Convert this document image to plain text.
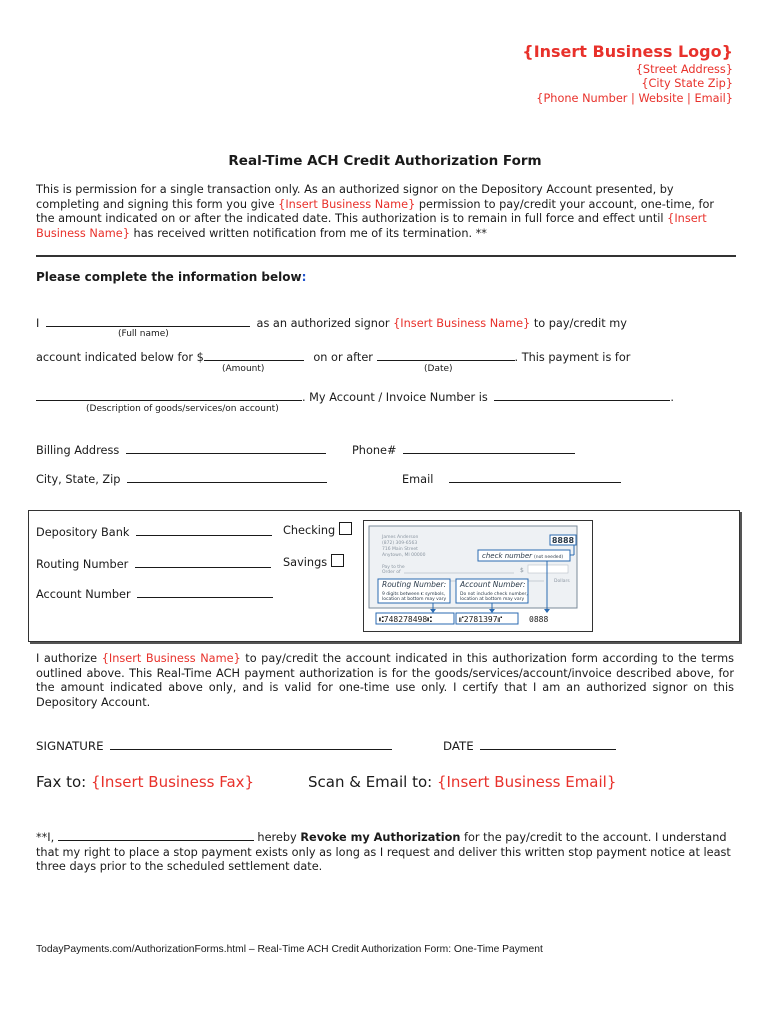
{Insert Business Logo}
{Street Address}
{City State Zip}
{Phone Number | Website | Email}
Real-Time ACH Credit Authorization Form
This is permission for a single transaction only. As an authorized signor on the Depository Account presented, by completing and signing this form you give {Insert Business Name} permission to pay/credit your account, one-time, for the amount indicated on or after the indicated date. This authorization is to remain in full force and effect until {Insert Business Name} has received written notification from me of its termination. **
Please complete the information below:
I	as an authorized signor {Insert Business Name} to pay/credit my
(Full name)
account indicated below for $	on or after	. This payment is for
(Amount)	(Date)
. My Account / Invoice Number is	.
(Description of goods/services/on account)
Billing Address	Phone#
City, State, Zip	Email
Depository Bank	Checking
Routing Number	Savings
Account Number
James Anderson
(872) 309-6563
716 Main Street
Anytown, MI 00000
8888
check number (not needed)
Pay to the
Order of	$
Dollars
Routing Number:
9 digits between ⑆ symbols,
location at bottom may vary
Account Number:
Do not include check number,
location at bottom may vary
⑆748278498⑆	⑈2781397⑈	0888
I authorize {Insert Business Name} to pay/credit the account indicated in this authorization form according to the terms outlined above. This Real-Time ACH payment authorization is for the goods/services/account/invoice described above, for the amount indicated above only, and is valid for one-time use only. I certify that I am an authorized signor on this Depository Account.
SIGNATURE	DATE
Fax to: {Insert Business Fax}	Scan & Email to: {Insert Business Email}
**I,	hereby Revoke my Authorization for the pay/credit to the account. I understand that my right to place a stop payment exists only as long as I request and deliver this written stop payment notice at least three days prior to the scheduled settlement date.
TodayPayments.com/AuthorizationForms.html – Real-Time ACH Credit Authorization Form: One-Time Payment
